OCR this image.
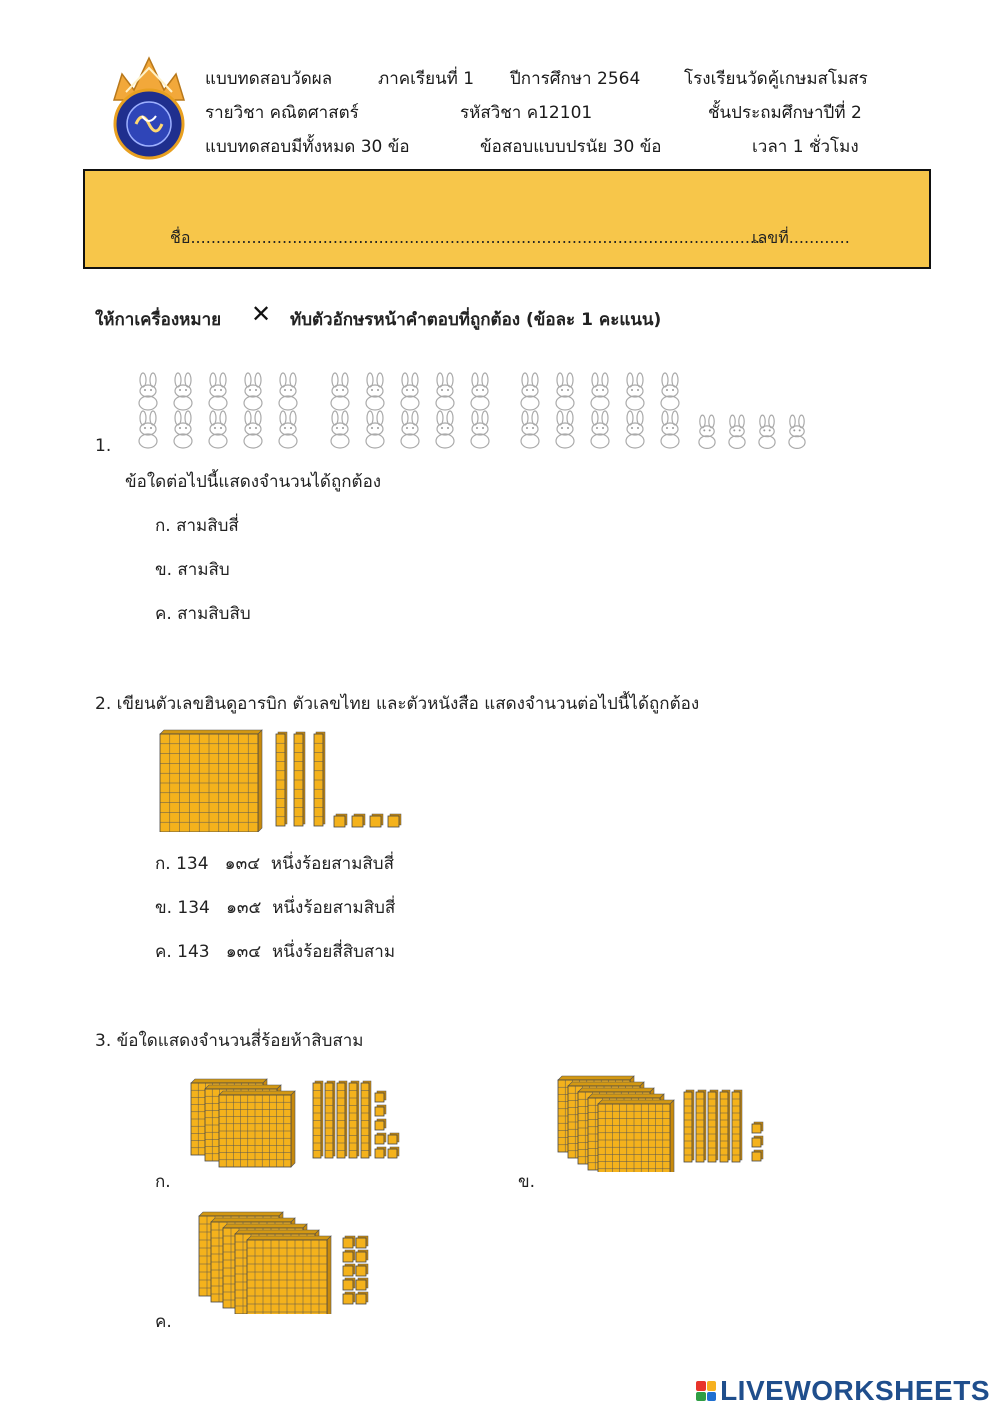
แบบทดสอบวัดผล	ภาคเรียนที่ 1 ปีการศึกษา 2564	โรงเรียนวัดคู้เกษมสโมสร
รายวิชา คณิตศาสตร์	รหัสวิชา ค12101	ชั้นประถมศึกษาปีที่ 2
แบบทดสอบมีทั้งหมด 30 ข้อ	ข้อสอบแบบปรนัย 30 ข้อ	เวลา 1 ชั่วโมง
ชื่อ.................................................................................................................
เลขที่............
ให้กาเครื่องหมาย ✕ ทับตัวอักษรหน้าคำตอบที่ถูกต้อง (ข้อละ 1 คะแนน)
1.
ข้อใดต่อไปนี้แสดงจำนวนได้ถูกต้อง
ก. สามสิบสี่
ข. สามสิบ
ค. สามสิบสิบ
2. เขียนตัวเลขฮินดูอารบิก ตัวเลขไทย และตัวหนังสือ แสดงจำนวนต่อไปนี้ได้ถูกต้อง
ก. 134 ๑๓๔ หนึ่งร้อยสามสิบสี่
ข. 134 ๑๓๕ หนึ่งร้อยสามสิบสี่
ค. 143 ๑๓๔ หนึ่งร้อยสี่สิบสาม
3. ข้อใดแสดงจำนวนสี่ร้อยห้าสิบสาม
ก.	ข.
ค.
LIVEWORKSHEETS
